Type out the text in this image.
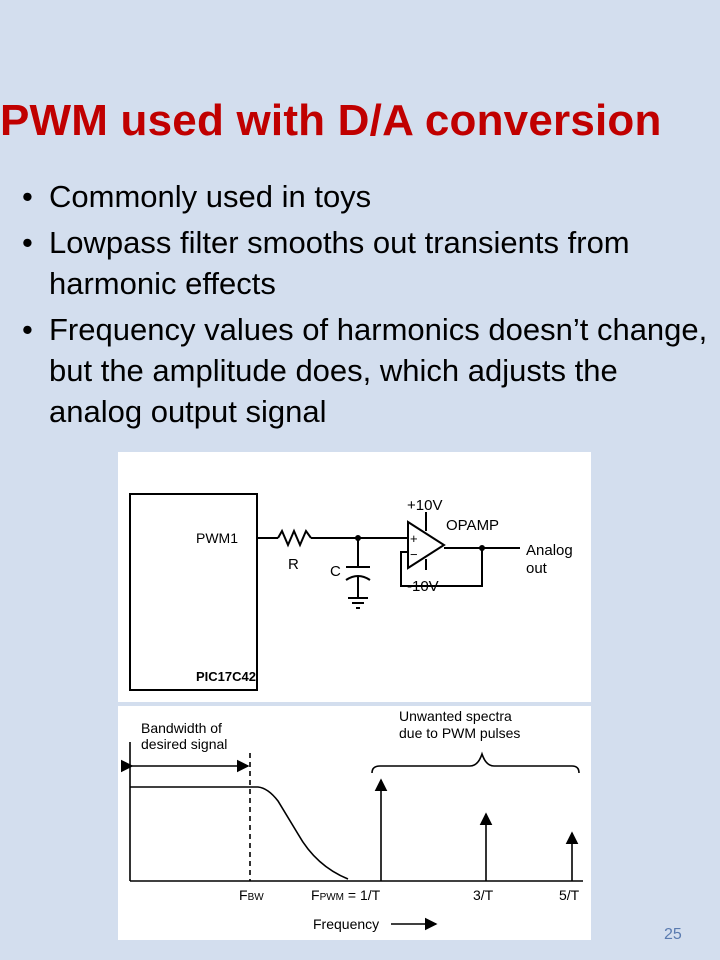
PWM used with D/A conversion
• Commonly used in toys
• Lowpass filter smooths out transients from harmonic effects
• Frequency values of harmonics doesn’t change, but the amplitude does, which adjusts the analog output signal
PIC17C42
PWM1
R C
+10V
-10V
OPAMP
+
−	Analog
out
Bandwidth of
desired signal
Unwanted spectra
due to PWM pulses
FBW	FPWM = 1/T	3/T	5/T
Frequency
25
